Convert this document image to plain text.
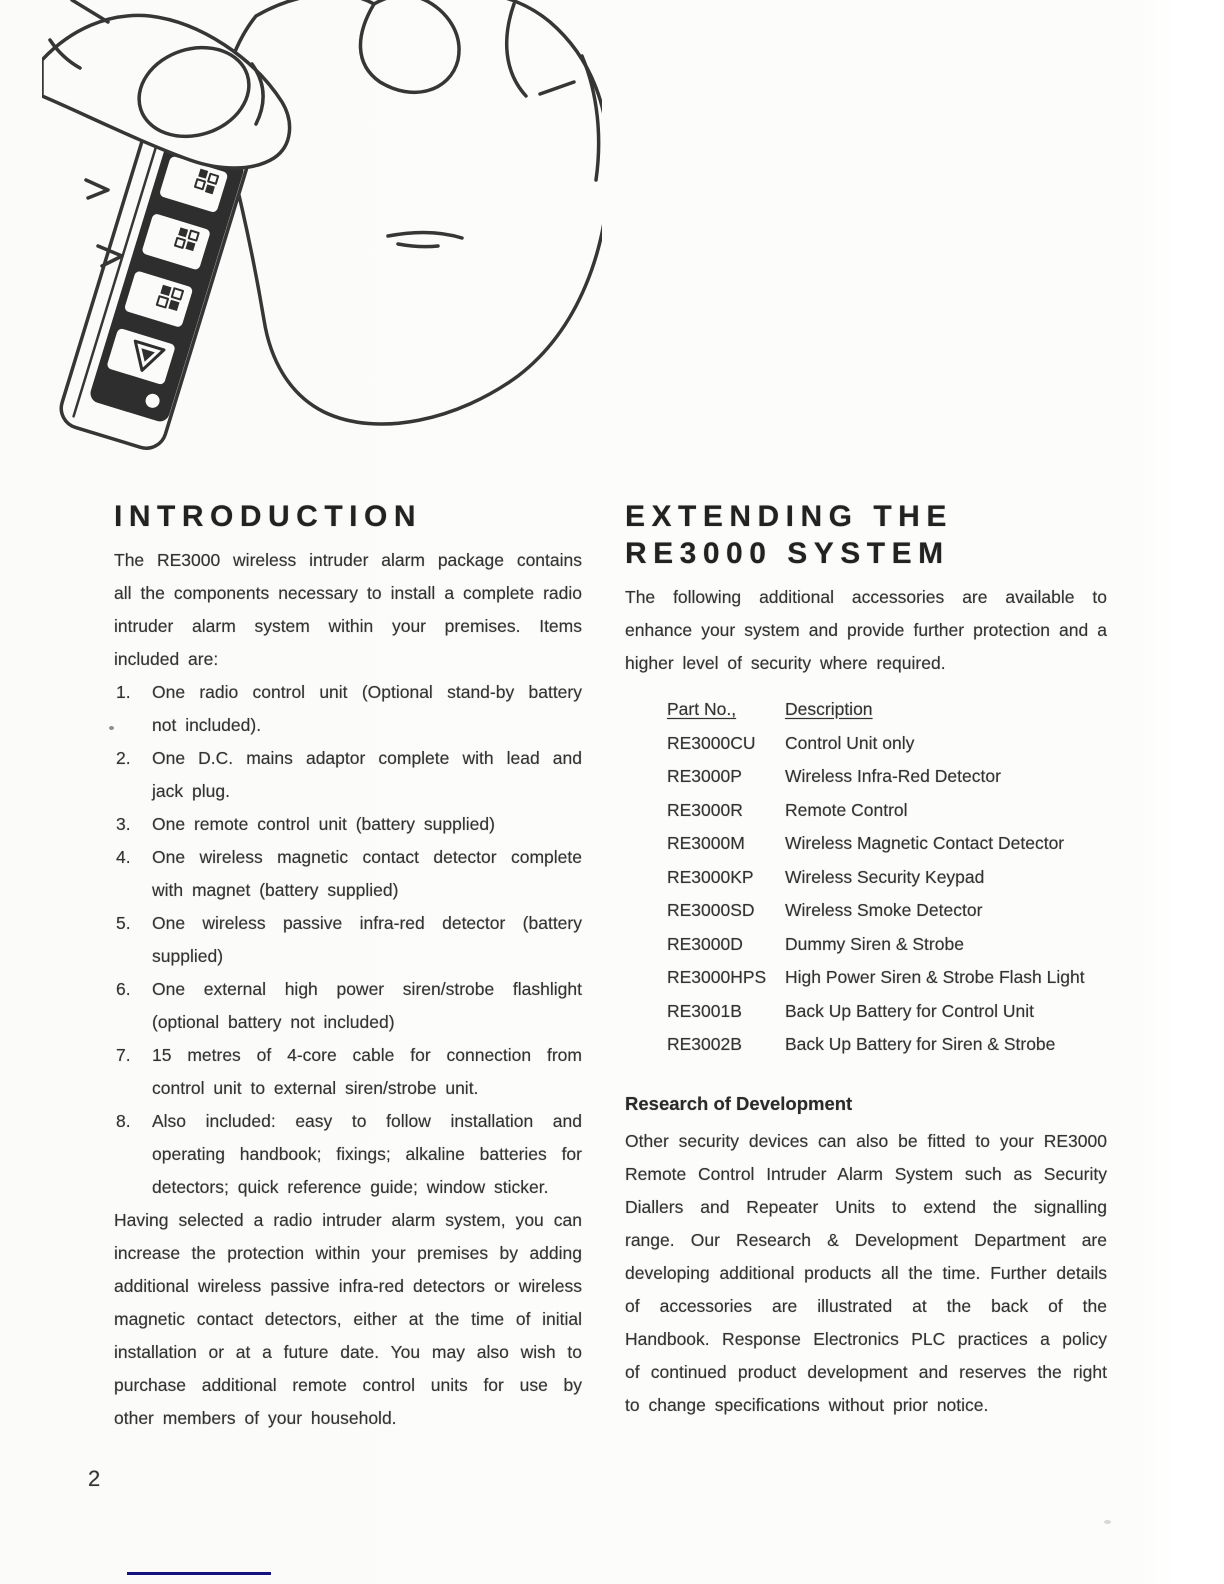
INTRODUCTION

The RE3000 wireless intruder alarm package contains all the components necessary to install a complete radio intruder alarm system within your premises. Items included are:

1. One radio control unit (Optional stand-by battery not included).
2. One D.C. mains adaptor complete with lead and jack plug.
3. One remote control unit (battery supplied)
4. One wireless magnetic contact detector complete with magnet (battery supplied)
5. One wireless passive infra-red detector (battery supplied)
6. One external high power siren/strobe flashlight (optional battery not included)
7. 15 metres of 4-core cable for connection from control unit to external siren/strobe unit.
8. Also included: easy to follow installation and operating handbook; fixings; alkaline batteries for detectors; quick reference guide; window sticker.

Having selected a radio intruder alarm system, you can increase the protection within your premises by adding additional wireless passive infra-red detectors or wireless magnetic contact detectors, either at the time of initial installation or at a future date. You may also wish to purchase additional remote control units for use by other members of your household.

EXTENDING THE
RE3000 SYSTEM

The following additional accessories are available to enhance your system and provide further protection and a higher level of security where required.

Part No.,	Description
RE3000CU	Control Unit only
RE3000P	Wireless Infra-Red Detector
RE3000R	Remote Control
RE3000M	Wireless Magnetic Contact Detector
RE3000KP	Wireless Security Keypad
RE3000SD	Wireless Smoke Detector
RE3000D	Dummy Siren & Strobe
RE3000HPS	High Power Siren & Strobe Flash Light
RE3001B	Back Up Battery for Control Unit
RE3002B	Back Up Battery for Siren & Strobe
Research of Development

Other security devices can also be fitted to your RE3000 Remote Control Intruder Alarm System such as Security Diallers and Repeater Units to extend the signalling range. Our Research & Development Department are developing additional products all the time. Further details of accessories are illustrated at the back of the Handbook. Response Electronics PLC practices a policy of continued product development and reserves the right to change specifications without prior notice.

2
